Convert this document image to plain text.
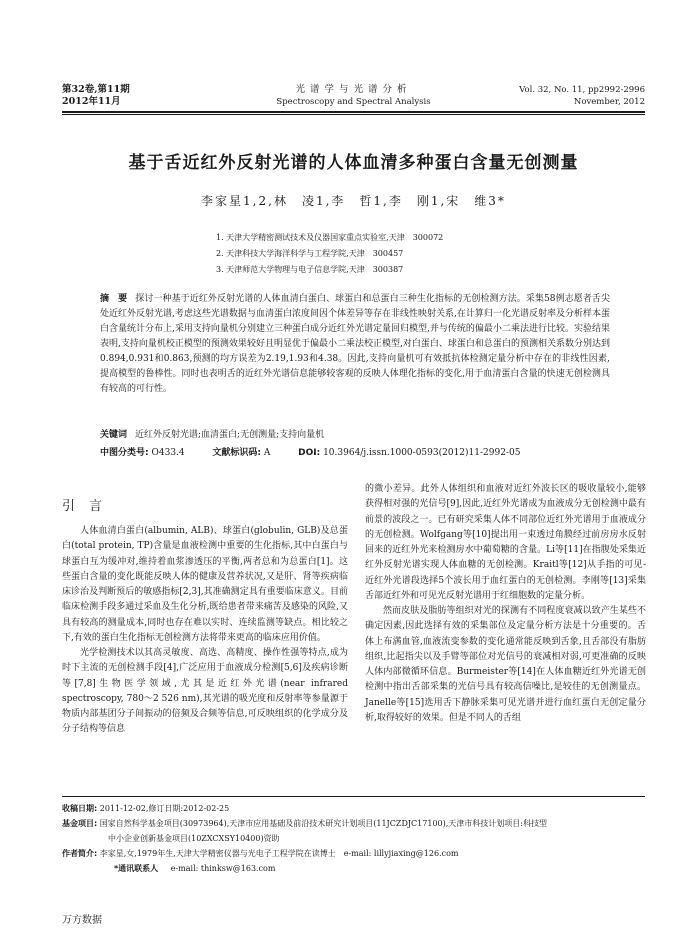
第32卷,第11期
2012年11月
光谱学与光谱分析
Spectroscopy and Spectral Analysis
Vol. 32, No. 11, pp2992-2996
November, 2012
基于舌近红外反射光谱的人体血清多种蛋白含量无创测量
李家星1,2,林　凌1,李　哲1,李　刚1,宋　维3*
1. 天津大学精密测试技术及仪器国家重点实验室,天津　300072
2. 天津科技大学海洋科学与工程学院,天津　300457
3. 天津师范大学物理与电子信息学院,天津　300387
摘　要 探讨一种基于近红外反射光谱的人体血清白蛋白、球蛋白和总蛋白三种生化指标的无创检测方法。采集58例志愿者舌尖处近红外反射光谱,考虑这些光谱数据与血清蛋白浓度间因个体差异等存在非线性映射关系,在计算归一化光谱反射率及分析样本蛋白含量统计分布上,采用支持向量机分别建立三种蛋白成分近红外光谱定量回归模型,并与传统的偏最小二乘法进行比较。实验结果表明,支持向量机校正模型的预测效果较好且明显优于偏最小二乘法校正模型,对白蛋白、球蛋白和总蛋白的预测相关系数分别达到0.894,0.931和0.863,预测的均方误差为2.19,1.93和4.38。因此,支持向量机可有效抵抗体检测定量分析中存在的非线性因素,提高模型的鲁棒性。同时也表明舌的近红外光谱信息能够较客观的反映人体理化指标的变化,用于血清蛋白含量的快速无创检测具有较高的可行性。
关键词 近红外反射光谱;血清蛋白;无创测量;支持向量机
中图分类号: O433.4	文献标识码: A	DOI: 10.3964/j.issn.1000-0593(2012)11-2992-05
引言

人体血清白蛋白(albumin, ALB)、球蛋白(globulin, GLB)及总蛋白(total protein, TP)含量是血液检测中重要的生化指标,其中白蛋白与球蛋白互为缓冲对,维持着血浆渗透压的平衡,两者总和为总蛋白[1]。这些蛋白含量的变化既能反映人体的健康及营养状况,又是肝、肾等疾病临床诊治及判断预后的敏感指标[2,3],其准确测定具有重要临床意义。目前临床检测手段多通过采血及生化分析,既给患者带来痛苦及感染的风险,又具有较高的测量成本,同时也存在难以实时、连续监测等缺点。相比较之下,有效的蛋白生化指标无创检测方法将带来更高的临床应用价值。

光学检测技术以其高灵敏度、高选、高精度、操作性强等特点,成为时下主流的无创检测手段[4],广泛应用于血液成分检测[5,6]及疾病诊断等[7,8]生物医学领域,尤其是近红外光谱(near infrared spectroscopy, 780～2 526 nm),其光谱的吸光度和反射率等参量源于物质内部基团分子间振动的倍频及合频等信息,可反映组织的化学成分及分子结构等信息

的微小差异。此外人体组织和血液对近红外波长区的吸收量较小,能够获得相对强的光信号[9],因此,近红外光谱成为血液成分无创检测中最有前景的波段之一。已有研究采集人体不同部位近红外光谱用于血液成分的无创检测。Wolfgang等[10]提出用一束透过角膜经过前房房水反射回来的近红外光来检测房水中葡萄糖的含量。Li等[11]在指腹处采集近红外反射光谱实现人体血糖的无创检测。Kraitl等[12]从手指的可见-近红外光谱段选择5个波长用于血红蛋白的无创检测。李刚等[13]采集舌部近红外和可见光反射光谱用于红细胞数的定量分析。

然而皮肤及脂肪等组织对光的探测有不同程度衰减以致产生某些不确定因素,因此选择有效的采集部位及定量分析方法是十分重要的。舌体上布满血管,血液流变参数的变化通常能反映到舌象,且舌部没有脂肪组织,比起指尖以及手臂等部位对光信号的衰减相对弱,可更准确的反映人体内部微循环信息。Burmeister等[14]在人体血糖近红外光谱无创检测中指出舌部采集的光信号具有较高信噪比,是较佳的无创测量点。Janelle等[15]选用舌下静脉采集可见光谱并进行血红蛋白无创定量分析,取得较好的效果。但是不同人的舌组

收稿日期: 2011-12-02,修订日期:2012-02-25
基金项目: 国家自然科学基金项目(30973964),天津市应用基础及前沿技术研究计划项目(11JCZDJC17100),天津市科技计划项目:科技型
中小企业创新基金项目(10ZXCXSY10400)资助
作者简介: 李家星,女,1979年生,天津大学精密仪器与光电子工程学院在读博士　e-mail: lillyjiaxing@126.com
*通讯联系人 e-mail: thinksw@163.com
万方数据
